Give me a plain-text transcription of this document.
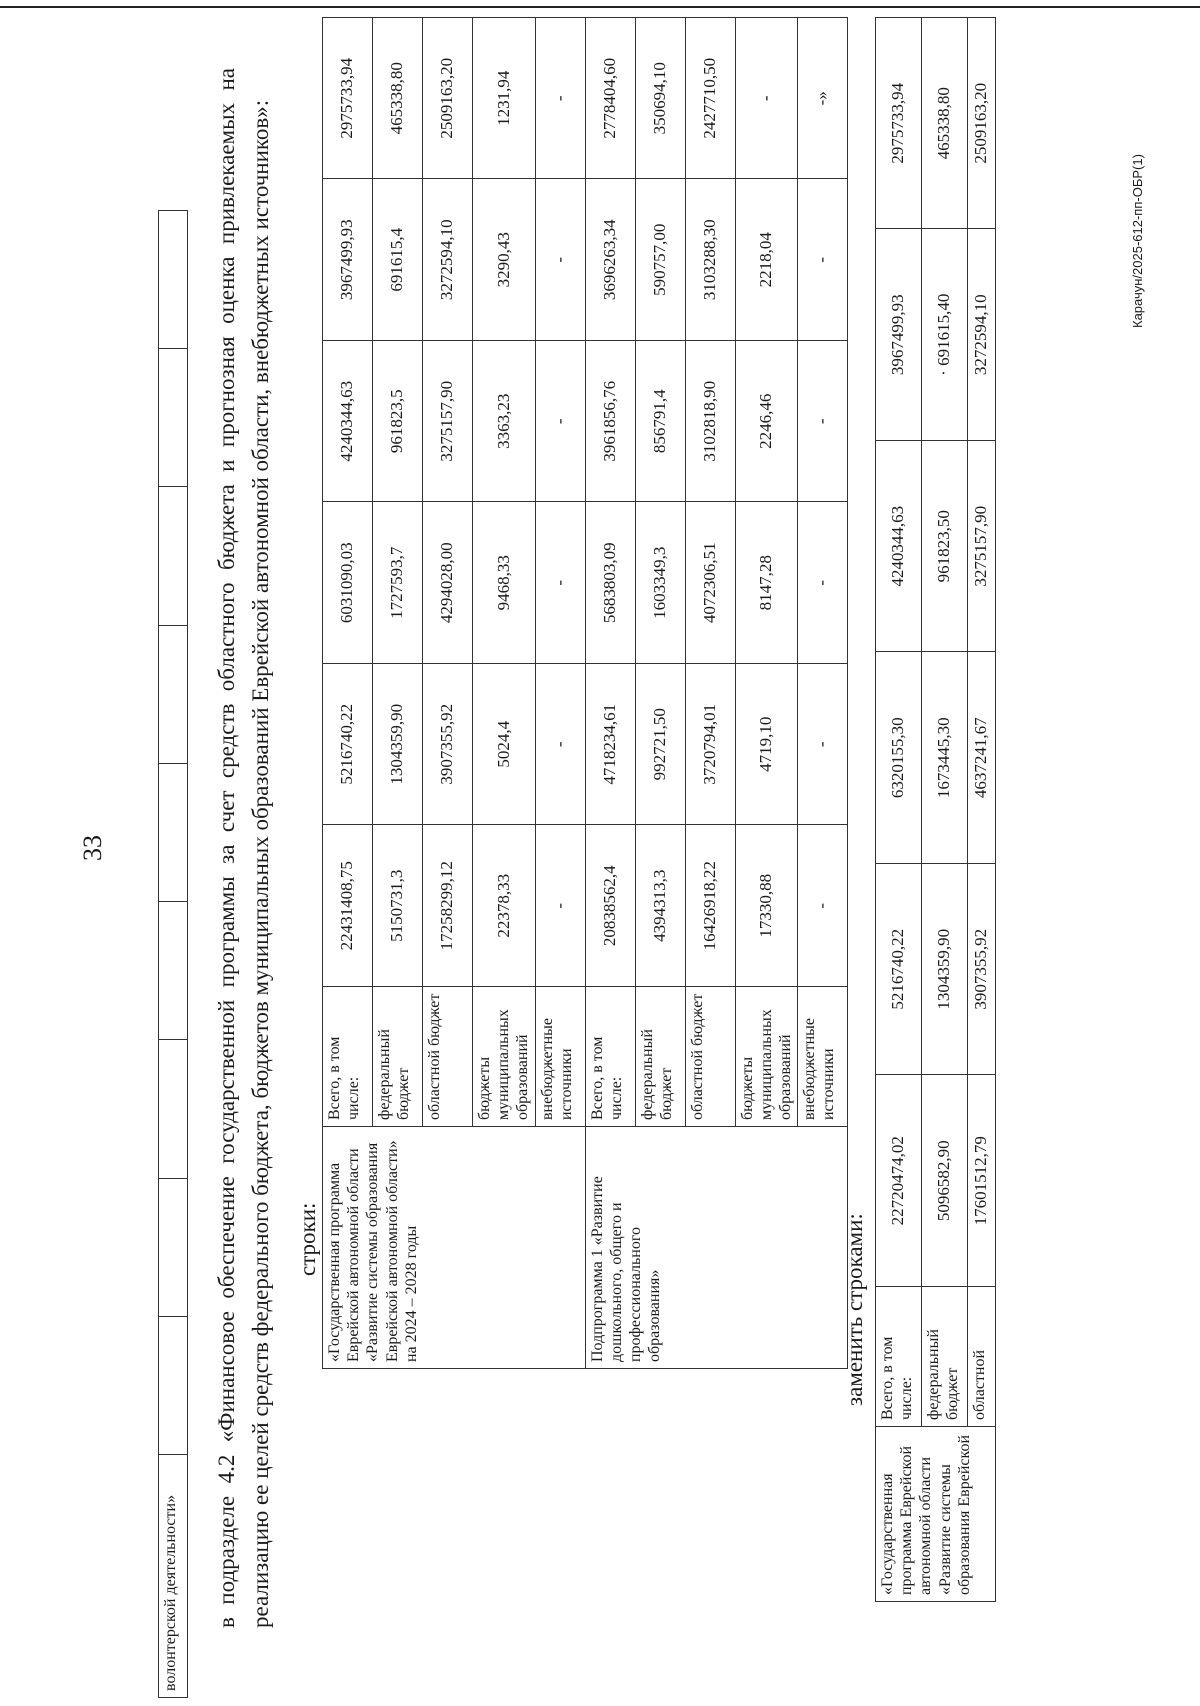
33
волонтерской деятельности»									в подразделе 4.2 «Финансовое обеспечение государственной программы за счет средств областного бюджета и прогнозная оценка привлекаемых на реализацию ее целей средств федерального бюджета, бюджетов муниципальных образований Еврейской автономной области, внебюджетных источников»: строки: «Государственная программа Еврейской автономной области «Развитие системы образования Еврейской автономной области» на 2024 – 2028 годы	Всего, в том числе:	22431408,75	5216740,22	6031090,03	4240344,63	3967499,93	2975733,94
	федеральный бюджет	5150731,3	1304359,90	1727593,7	961823,5	691615,4	465338,80
	областной бюджет	17258299,12	3907355,92	4294028,00	3275157,90	3272594,10	2509163,20
	бюджеты муниципальных образований	22378,33	5024,4	9468,33	3363,23	3290,43	1231,94
	внебюджетные источники	-	-	-	-	-	-
Подпрограмма 1 «Развитие дошкольного, общего и профессионального образования»	Всего, в том числе:	20838562,4	4718234,61	5683803,09	3961856,76	3696263,34	2778404,60
	федеральный бюджет	4394313,3	992721,50	1603349,3	856791,4	590757,00	350694,10
	областной бюджет	16426918,22	3720794,01	4072306,51	3102818,90	3103288,30	2427710,50
	бюджеты муниципальных образований	17330,88	4719,10	8147,28	2246,46	2218,04	-
	внебюджетные источники	-	-	-	-	-	-»
заменить строками:
«Государственная программа Еврейской автономной области «Развитие системы образования Еврейской	Всего, в том числе:	22720474,02	5216740,22	6320155,30	4240344,63	3967499,93	2975733,94
	федеральный бюджет	5096582,90	1304359,90	1673445,30	961823,50	· 691615,40	465338,80
	областной	17601512,79	3907355,92	4637241,67	3275157,90	3272594,10	2509163,20
Карачун/2025-612-пп-ОБР(1)
